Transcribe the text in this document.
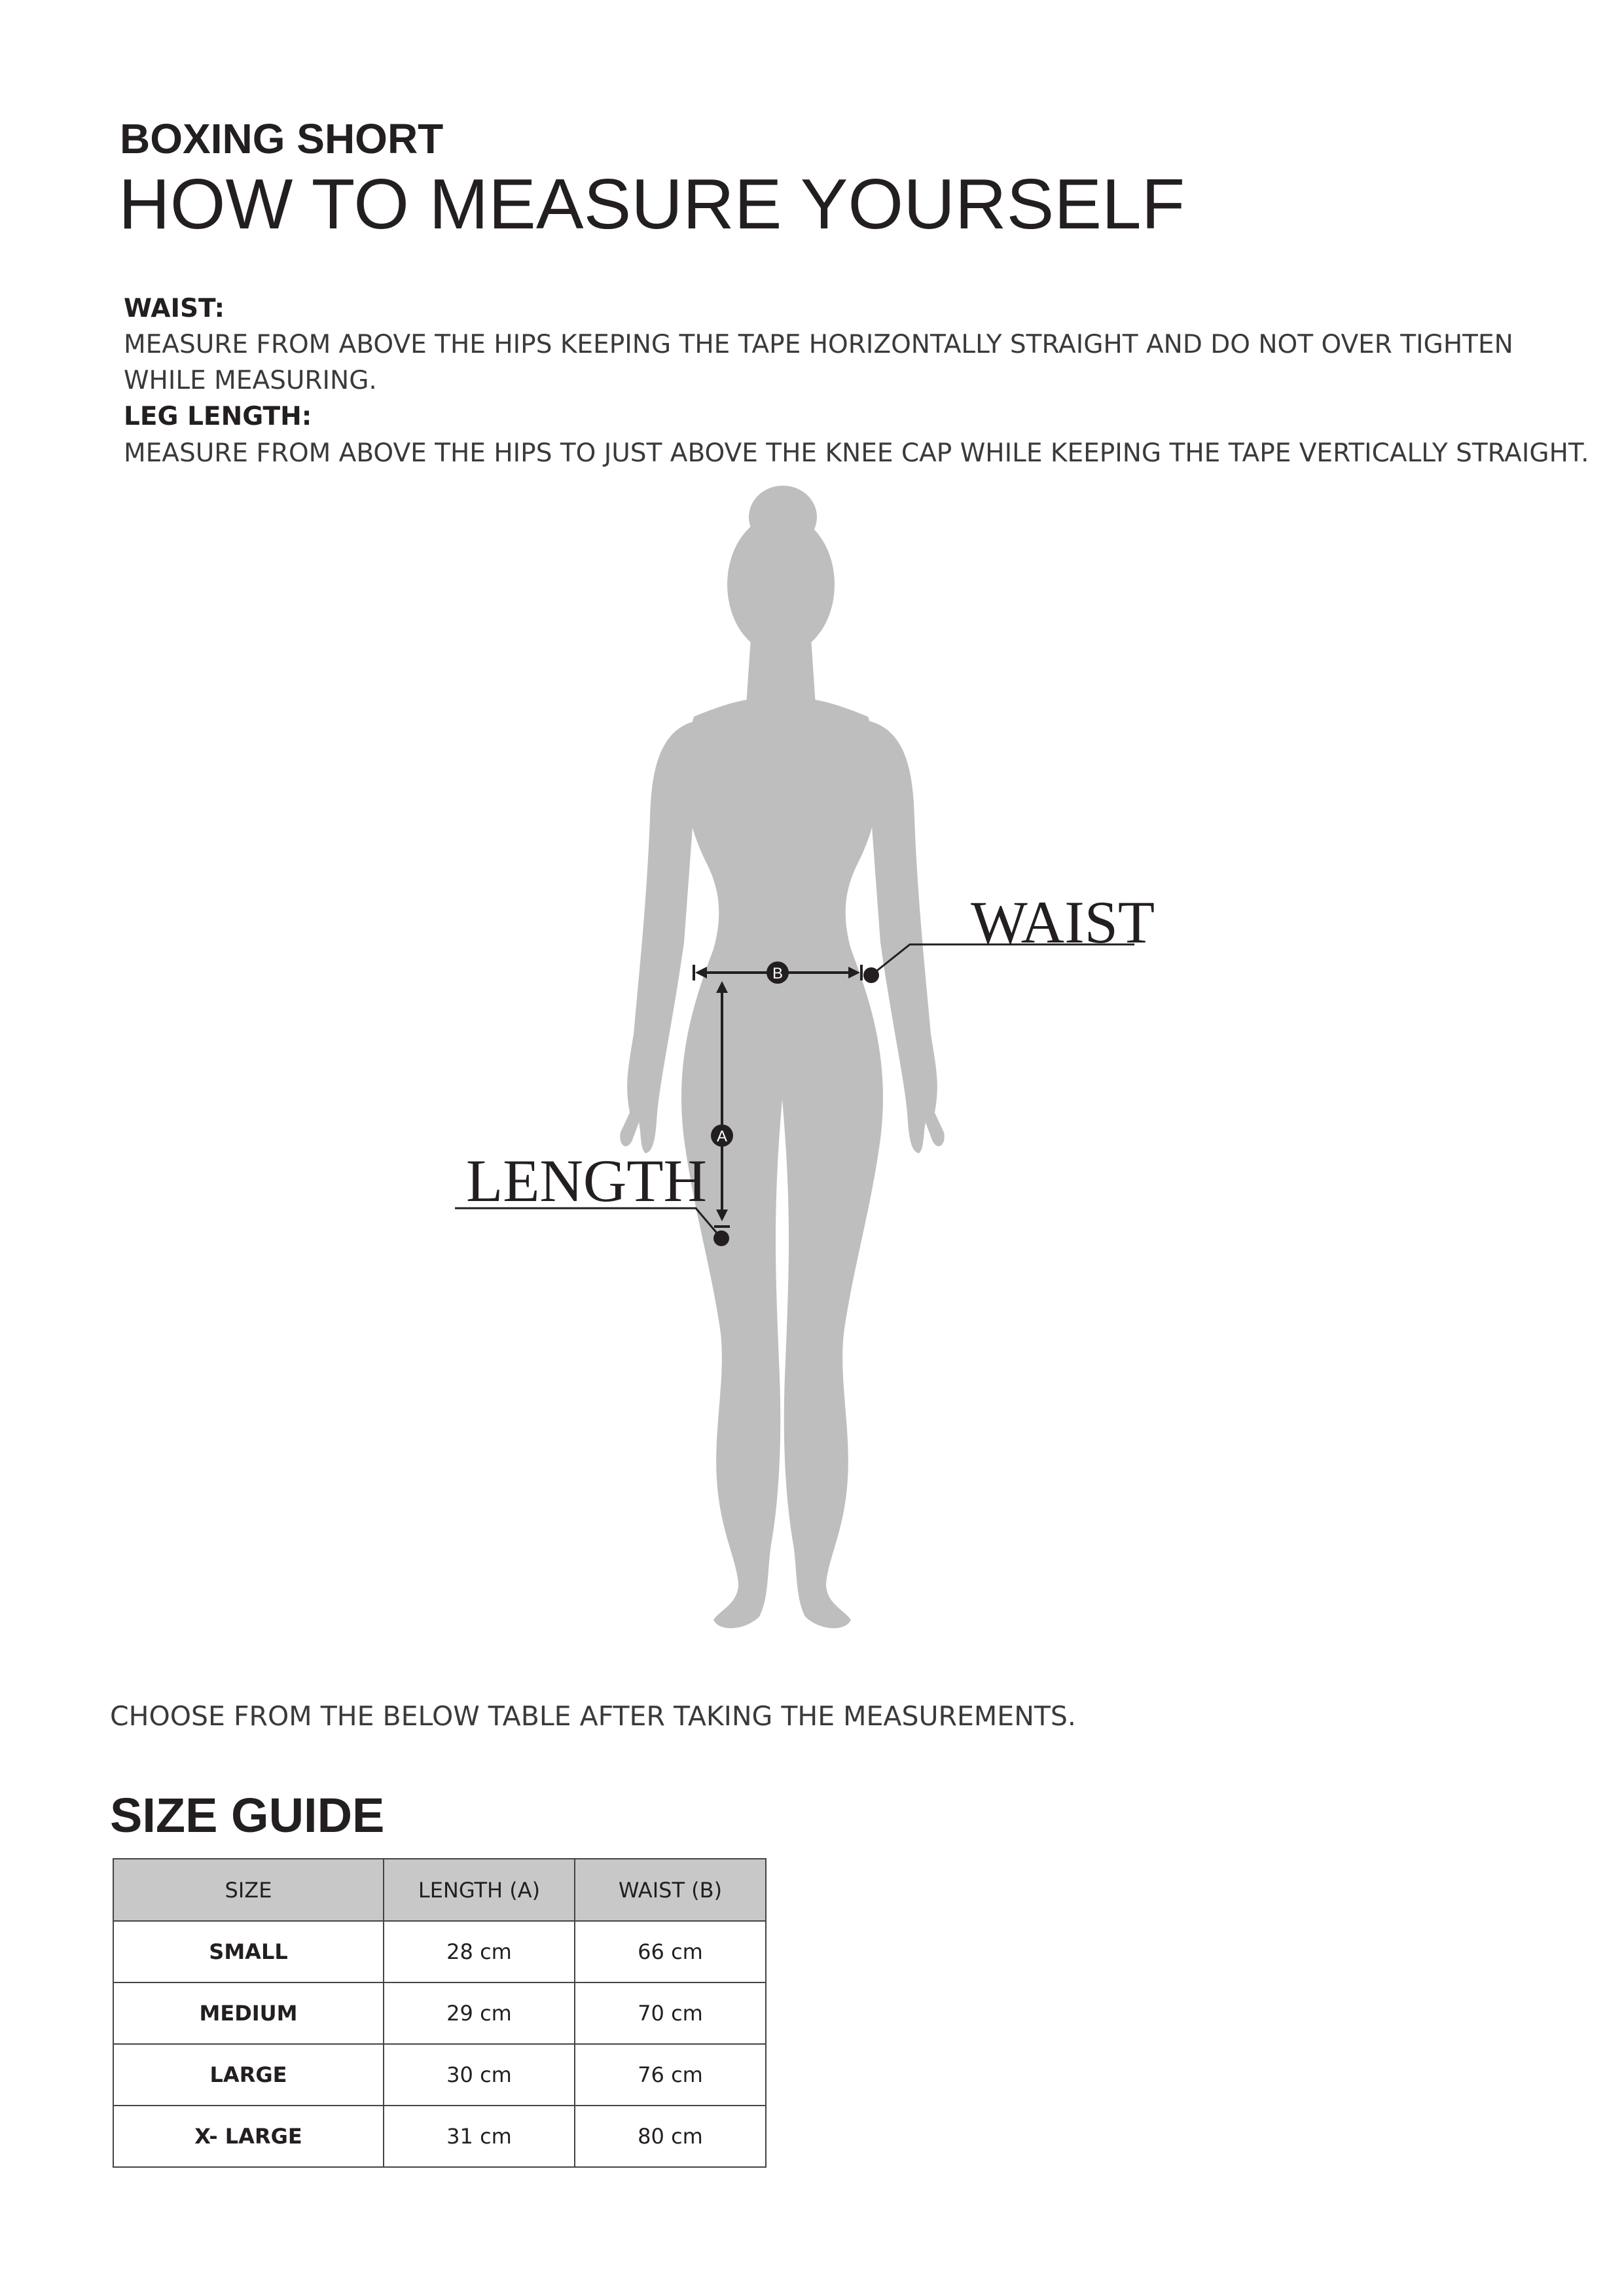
BOXING SHORT
HOW TO MEASURE YOURSELF
WAIST:
MEASURE FROM ABOVE THE HIPS KEEPING THE TAPE HORIZONTALLY STRAIGHT AND DO NOT OVER TIGHTEN
WHILE MEASURING.
LEG LENGTH:
MEASURE FROM ABOVE THE HIPS TO JUST ABOVE THE KNEE CAP WHILE KEEPING THE TAPE VERTICALLY STRAIGHT.
B
WAIST
A
LENGTH
CHOOSE FROM THE BELOW TABLE AFTER TAKING THE MEASUREMENTS.
SIZE GUIDE
SIZE	LENGTH (A)	WAIST (B)
SMALL	28 cm	66 cm
MEDIUM	29 cm	70 cm
LARGE	30 cm	76 cm
X- LARGE	31 cm	80 cm
